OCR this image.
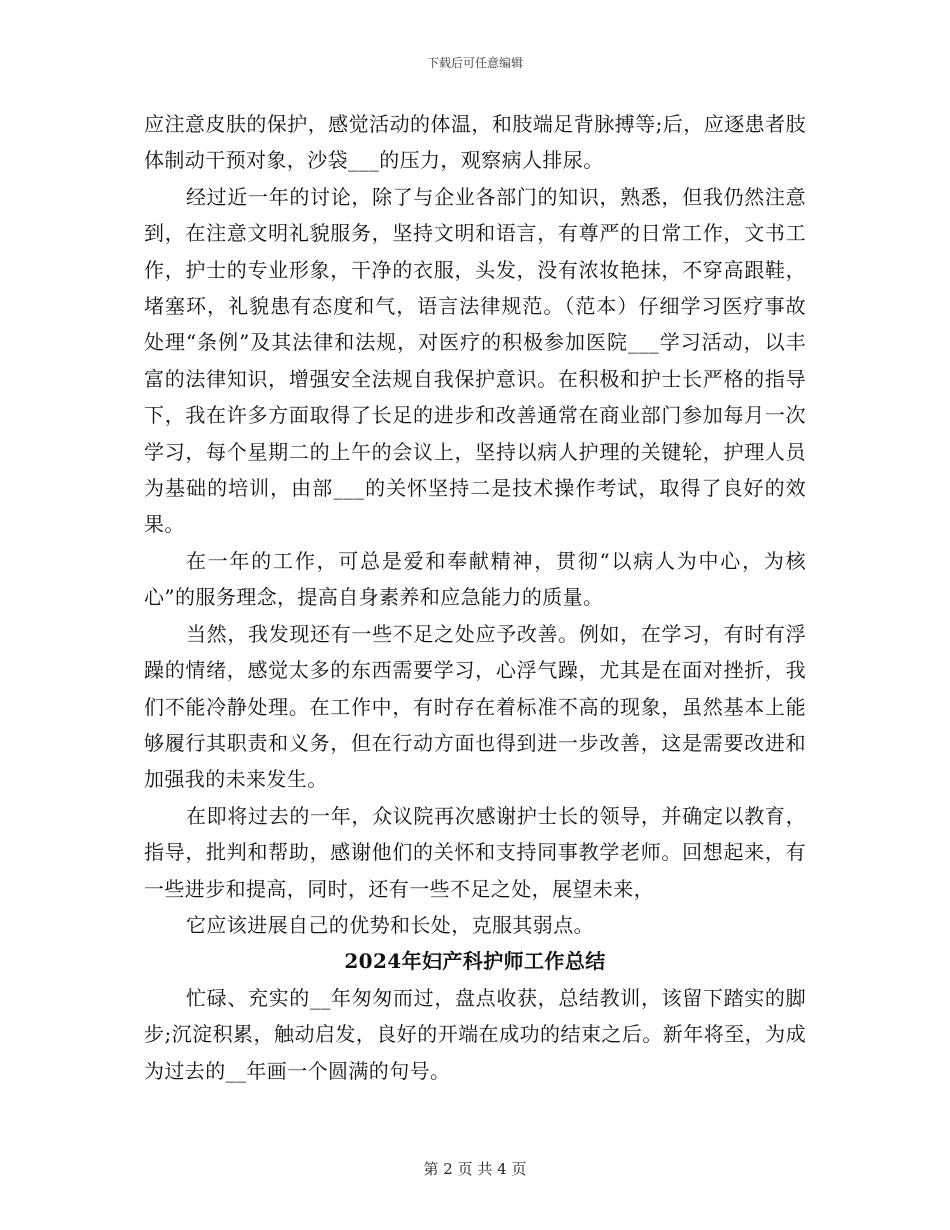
下载后可任意编辑

应注意皮肤的保护，感觉活动的体温，和肢端足背脉搏等;后，应逐患者肢体制动干预对象，沙袋___的压力，观察病人排尿。

经过近一年的讨论，除了与企业各部门的知识，熟悉，但我仍然注意到，在注意文明礼貌服务，坚持文明和语言，有尊严的日常工作，文书工作，护士的专业形象，干净的衣服，头发，没有浓妆艳抹，不穿高跟鞋，堵塞环，礼貌患有态度和气，语言法律规范。（范本）仔细学习医疗事故处理“条例”及其法律和法规，对医疗的积极参加医院___学习活动，以丰富的法律知识，增强安全法规自我保护意识。在积极和护士长严格的指导下，我在许多方面取得了长足的进步和改善通常在商业部门参加每月一次学习，每个星期二的上午的会议上，坚持以病人护理的关键轮，护理人员为基础的培训，由部___的关怀坚持二是技术操作考试，取得了良好的效果。

在一年的工作，可总是爱和奉献精神，贯彻“以病人为中心，为核心”的服务理念，提高自身素养和应急能力的质量。

当然，我发现还有一些不足之处应予改善。例如，在学习，有时有浮躁的情绪，感觉太多的东西需要学习，心浮气躁，尤其是在面对挫折，我们不能冷静处理。在工作中，有时存在着标准不高的现象，虽然基本上能够履行其职责和义务，但在行动方面也得到进一步改善，这是需要改进和加强我的未来发生。

在即将过去的一年，众议院再次感谢护士长的领导，并确定以教育，指导，批判和帮助，感谢他们的关怀和支持同事教学老师。回想起来，有一些进步和提高，同时，还有一些不足之处，展望未来，

它应该进展自己的优势和长处，克服其弱点。

2024年妇产科护师工作总结

忙碌、充实的__年匆匆而过，盘点收获，总结教训，该留下踏实的脚步;沉淀积累，触动启发，良好的开端在成功的结束之后。新年将至，为成为过去的__年画一个圆满的句号。

第 2 页 共 4 页
